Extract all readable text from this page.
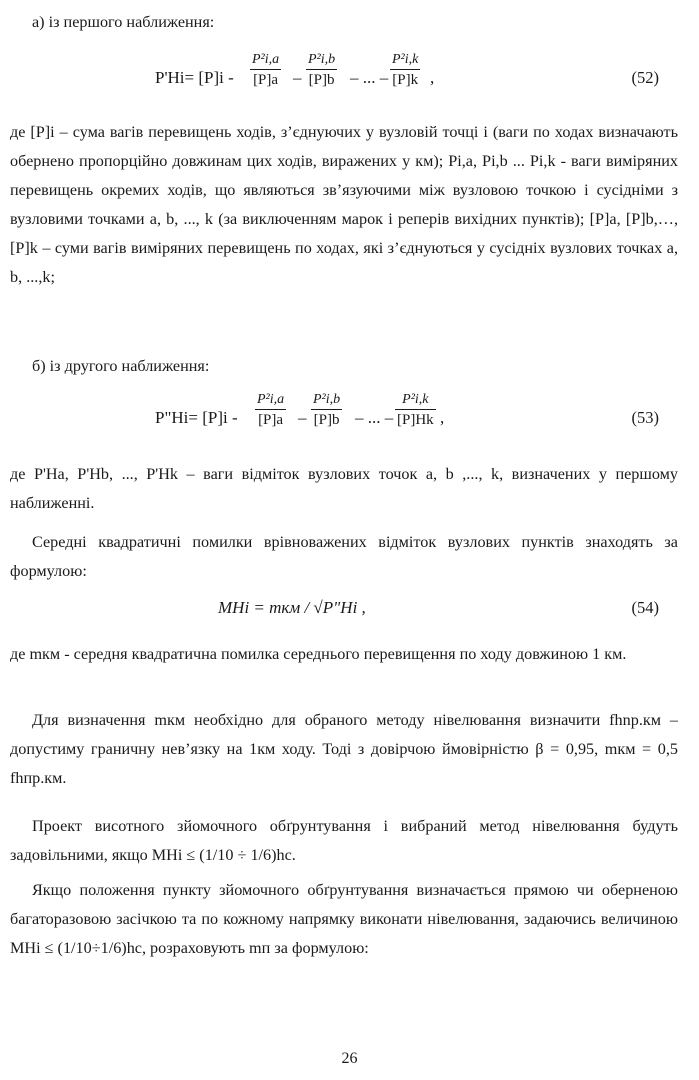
а) із першого наближення:

P'Hi= [P]i -
P²i,a
[P]a –
P²i,b
[P]b – ... –
P²i,k
[P]k ,	(52)

де [Р]і – сума вагів перевищень ходів, з’єднуючих у вузловій точці і (ваги по ходах визначають обернено пропорційно довжинам цих ходів, виражених у км); Рі,а, Рі,b ... Рі,k - ваги виміряних перевищень окремих ходів, що являються зв’язуючими між вузловою точкою і сусідніми з вузловими точками а, b, ..., k (за виключенням марок і реперів вихідних пунктів); [Р]a, [Р]b,…,[Р]k – суми вагів виміряних перевищень по ходах, які з’єднуються у сусідніх вузлових точках а, b, ...,k;

б) із другого наближення:

P"Hi= [P]i -
P²i,a
[P]a –
P²i,b
[P]b – ... –
P²i,k
[P]Hk ,	(53)

де Р'На, Р'Нb, ..., Р'Нk – ваги відміток вузлових точок а, b ,..., k, визначених у першому наближенні.

Середні квадратичні помилки врівноважених відміток вузлових пунктів знаходять за формулою:

MHi = mкм / √P"Hi ,	(54)

де mкм - середня квадратична помилка середнього перевищення по ходу довжиною 1 км.

Для визначення mкм необхідно для обраного методу нівелювання визначити fhnр.км – допустиму граничну нев’язку на 1км ходу. Тоді з довірчою ймовірністю β = 0,95, mкм = 0,5 fhпр.км.

Проект висотного зйомочного обґрунтування і вибраний метод нівелювання будуть задовільними, якщо МНі ≤ (1/10 ÷ 1/6)hс.

Якщо положення пункту зйомочного обґрунтування визначається прямою чи оберненою багаторазовою засічкою та по кожному напрямку виконати нівелювання, задаючись величиною МНі ≤ (1/10÷1/6)hс, розраховують mп за формулою:

26
